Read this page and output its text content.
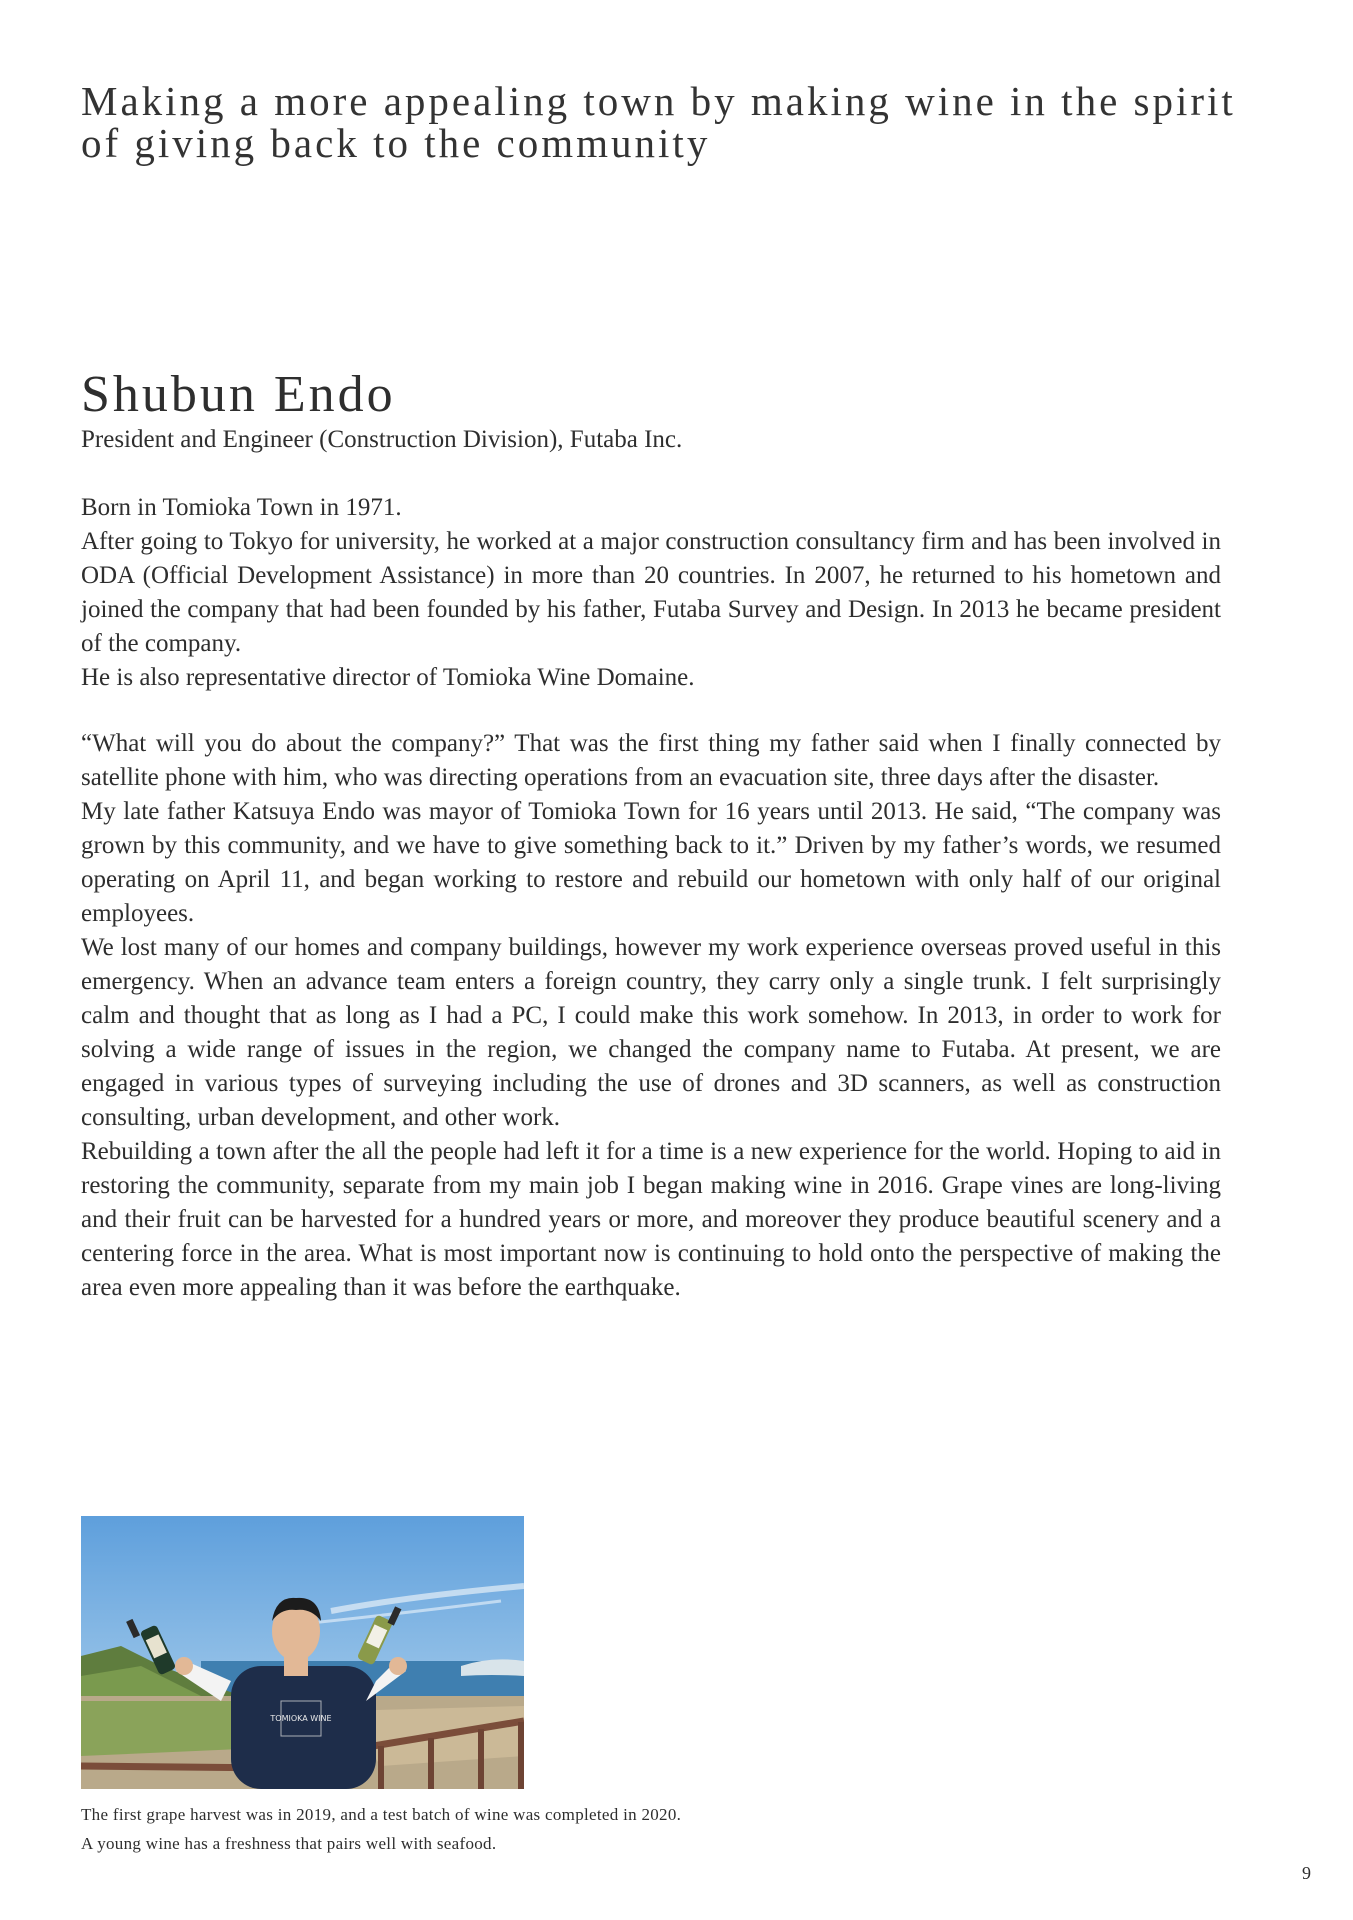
Making a more appealing town by making wine in the spirit of giving back to the community
Shubun Endo
President and Engineer (Construction Division), Futaba Inc.

Born in Tomioka Town in 1971.

After going to Tokyo for university, he worked at a major construction consultancy firm and has been involved in ODA (Official Development Assistance) in more than 20 countries. In 2007, he returned to his hometown and joined the company that had been founded by his father, Futaba Survey and Design. In 2013 he became president of the company.

He is also representative director of Tomioka Wine Domaine.

“What will you do about the company?” That was the first thing my father said when I finally connected by satellite phone with him, who was directing operations from an evacuation site, three days after the disaster.

My late father Katsuya Endo was mayor of Tomioka Town for 16 years until 2013. He said, “The company was grown by this community, and we have to give something back to it.” Driven by my father’s words, we resumed operating on April 11, and began working to restore and rebuild our hometown with only half of our original employees.

We lost many of our homes and company buildings, however my work experience overseas proved useful in this emergency. When an advance team enters a foreign country, they carry only a single trunk. I felt surprisingly calm and thought that as long as I had a PC, I could make this work somehow. In 2013, in order to work for solving a wide range of issues in the region, we changed the company name to Futaba. At present, we are engaged in various types of surveying including the use of drones and 3D scanners, as well as construction consulting, urban development, and other work.

Rebuilding a town after the all the people had left it for a time is a new experience for the world. Hoping to aid in restoring the community, separate from my main job I began making wine in 2016. Grape vines are long-living and their fruit can be harvested for a hundred years or more, and moreover they produce beautiful scenery and a centering force in the area. What is most important now is continuing to hold onto the perspective of making the area even more appealing than it was before the earthquake.

TOMIOKA WINE
The first grape harvest was in 2019, and a test batch of wine was completed in 2020.
A young wine has a freshness that pairs well with seafood.
9
